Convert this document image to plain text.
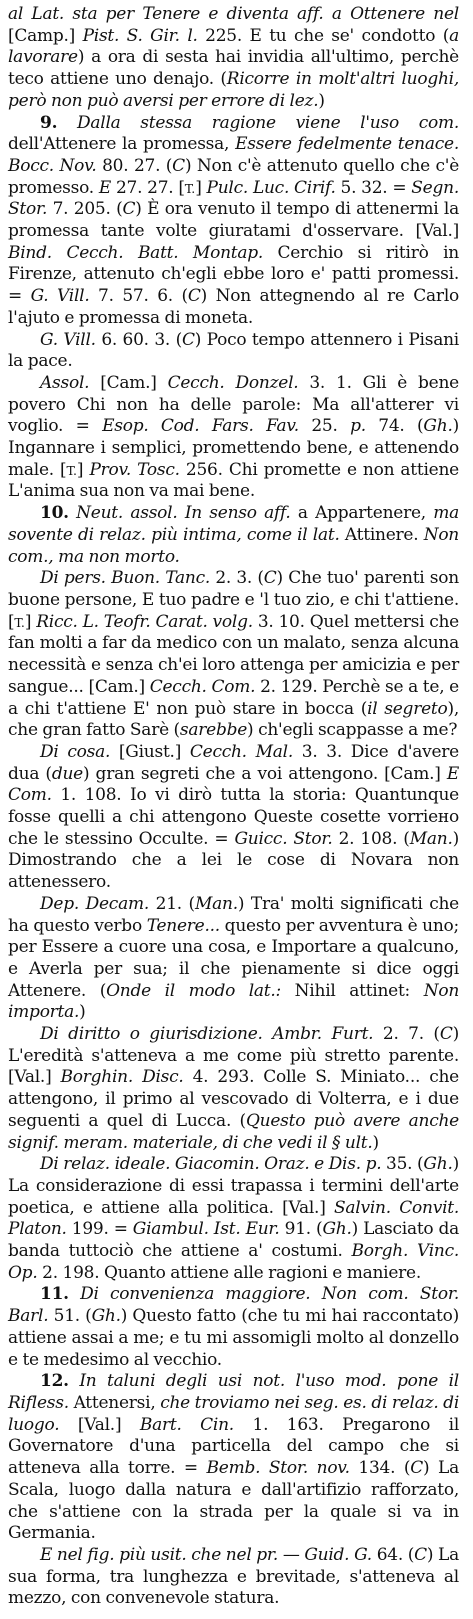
al Lat. sta per Tenere e diventa aff. a Ottenere nel [Camp.] Pist. S. Gir. l. 225. E tu che se' condotto (a lavorare) a ora di sesta hai invidia all'ultimo, perchè teco attiene uno denajo. (Ricorre in molt'altri luoghi, però non può aversi per errore di lez.)

9. Dalla stessa ragione viene l'uso com. dell'Attenere la promessa, Essere fedelmente tenace. Bocc. Nov. 80. 27. (C) Non c'è attenuto quello che c'è promesso. E 27. 27. [T.] Pulc. Luc. Cirif. 5. 32. = Segn. Stor. 7. 205. (C) È ora venuto il tempo di attenermi la promessa tante volte giuratami d'osservare. [Val.] Bind. Cecch. Batt. Montap. Cerchio si ritirò in Firenze, attenuto ch'egli ebbe loro e' patti promessi. = G. Vill. 7. 57. 6. (C) Non attegnendo al re Carlo l'ajuto e promessa di moneta.

G. Vill. 6. 60. 3. (C) Poco tempo attennero i Pisani la pace.

Assol. [Cam.] Cecch. Donzel. 3. 1. Gli è bene povero Chi non ha delle parole: Ma all'atterer vi voglio. = Esop. Cod. Fars. Fav. 25. p. 74. (Gh.) Ingannare i semplici, promettendo bene, e attenendo male. [T.] Prov. Tosc. 256. Chi promette e non attiene L'anima sua non va mai bene.

10. Neut. assol. In senso aff. a Appartenere, ma sovente di relaz. più intima, come il lat. Attinere. Non com., ma non morto.

Di pers. Buon. Tanc. 2. 3. (C) Che tuo' parenti son buone persone, E tuo padre e 'l tuo zio, e chi t'attiene. [T.] Ricc. L. Teofr. Carat. volg. 3. 10. Quel mettersi che fan molti a far da medico con un malato, senza alcuna necessità e senza ch'ei loro attenga per amicizia e per sangue... [Cam.] Cecch. Com. 2. 129. Perchè se a te, e a chi t'attiene E' non può stare in bocca (il segreto), che gran fatto Sarè (sarebbe) ch'egli scappasse a me?

Di cosa. [Giust.] Cecch. Mal. 3. 3. Dice d'avere dua (due) gran segreti che a voi attengono. [Cam.] E Com. 1. 108. Io vi dirò tutta la storia: Quantunque fosse quelli a chi attengono Queste cosette vorriено che le stessino Occulte. = Guicc. Stor. 2. 108. (Man.) Dimostrando che a lei le cose di Novara non attenessero.

Dep. Decam. 21. (Man.) Tra' molti significati che ha questo verbo Tenere... questo per avventura è uno; per Essere a cuore una cosa, e Importare a qualcuno, e Averla per sua; il che pienamente si dice oggi Attenere. (Onde il modo lat.: Nihil attinet: Non importa.)

Di diritto o giurisdizione. Ambr. Furt. 2. 7. (C) L'eredità s'atteneva a me come più stretto parente. [Val.] Borghin. Disc. 4. 293. Colle S. Miniato... che attengono, il primo al vescovado di Volterra, e i due seguenti a quel di Lucca. (Questo può avere anche signif. meram. materiale, di che vedi il § ult.)

Di relaz. ideale. Giacomin. Oraz. e Dis. p. 35. (Gh.) La considerazione di essi trapassa i termini dell'arte poetica, e attiene alla politica. [Val.] Salvin. Convit. Platon. 199. = Giambul. Ist. Eur. 91. (Gh.) Lasciato da banda tuttociò che attiene a' costumi. Borgh. Vinc. Op. 2. 198. Quanto attiene alle ragioni e maniere.

11. Di convenienza maggiore. Non com. Stor. Barl. 51. (Gh.) Questo fatto (che tu mi hai raccontato) attiene assai a me; e tu mi assomigli molto al donzello e te medesimo al vecchio.

12. In taluni degli usi not. l'uso mod. pone il Rifless. Attenersi, che troviamo nei seg. es. di relaz. di luogo. [Val.] Bart. Cin. 1. 163. Pregarono il Governatore d'una particella del campo che si atteneva alla torre. = Bemb. Stor. nov. 134. (C) La Scala, luogo dalla natura e dall'artifizio rafforzato, che s'attiene con la strada per la quale si va in Germania.

E nel fig. più usit. che nel pr. — Guid. G. 64. (C) La sua forma, tra lunghezza e brevitade, s'atteneva al mezzo, con convenevole statura.
